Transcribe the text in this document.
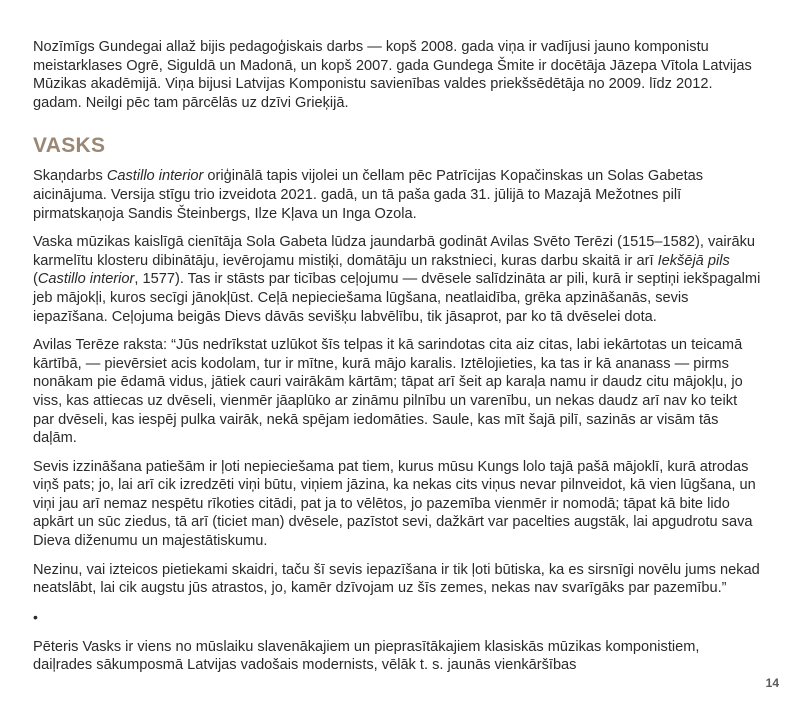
Nozīmīgs Gundegai allaž bijis pedagoģiskais darbs — kopš 2008. gada viņa ir vadījusi jauno komponistu meistarklases Ogrē, Siguldā un Madonā, un kopš 2007. gada Gundega Šmite ir docētāja Jāzepa Vītola Latvijas Mūzikas akadēmijā. Viņa bijusi Latvijas Komponistu savienības valdes priekšsēdētāja no 2009. līdz 2012. gadam. Neilgi pēc tam pārcēlās uz dzīvi Grieķijā.

VASKS

Skaņdarbs Castillo interior oriģinālā tapis vijolei un čellam pēc Patrīcijas Kopačinskas un Solas Gabetas aicinājuma. Versija stīgu trio izveidota 2021. gadā, un tā paša gada 31. jūlijā to Mazajā Mežotnes pilī pirmatskaņoja Sandis Šteinbergs, Ilze Kļava un Inga Ozola.

Vaska mūzikas kaislīgā cienītāja Sola Gabeta lūdza jaundarbā godināt Avilas Svēto Terēzi (1515–1582), vairāku karmelītu klosteru dibinātāju, ievērojamu mistiķi, domātāju un rakstnieci, kuras darbu skaitā ir arī Iekšējā pils (Castillo interior, 1577). Tas ir stāsts par ticības ceļojumu — dvēsele salīdzināta ar pili, kurā ir septiņi iekšpagalmi jeb mājokļi, kuros secīgi jānokļūst. Ceļā nepieciešama lūgšana, neatlaidība, grēka apzināšanās, sevis iepazīšana. Ceļojuma beigās Dievs dāvās sevišķu labvēlību, tik jāsaprot, par ko tā dvēselei dota.

Avilas Terēze raksta: “Jūs nedrīkstat uzlūkot šīs telpas it kā sarindotas cita aiz citas, labi iekārtotas un teicamā kārtībā, — pievērsiet acis kodolam, tur ir mītne, kurā mājo karalis. Iztēlojieties, ka tas ir kā ananass — pirms nonākam pie ēdamā vidus, jātiek cauri vairākām kārtām; tāpat arī šeit ap karaļa namu ir daudz citu mājokļu, jo viss, kas attiecas uz dvēseli, vienmēr jāaplūko ar zināmu pilnību un varenību, un nekas daudz arī nav ko teikt par dvēseli, kas iespēj pulka vairāk, nekā spējam iedomāties. Saule, kas mīt šajā pilī, sazinās ar visām tās daļām.

Sevis izzināšana patiešām ir ļoti nepieciešama pat tiem, kurus mūsu Kungs lolo tajā pašā mājoklī, kurā atrodas viņš pats; jo, lai arī cik izredzēti viņi būtu, viņiem jāzina, ka nekas cits viņus nevar pilnveidot, kā vien lūgšana, un viņi jau arī nemaz nespētu rīkoties citādi, pat ja to vēlētos, jo pazemība vienmēr ir nomodā; tāpat kā bite lido apkārt un sūc ziedus, tā arī (ticiet man) dvēsele, pazīstot sevi, dažkārt var pacelties augstāk, lai apgudrotu sava Dieva diženumu un majestātiskumu.

Nezinu, vai izteicos pietiekami skaidri, taču šī sevis iepazīšana ir tik ļoti būtiska, ka es sirsnīgi novēlu jums nekad neatslābt, lai cik augstu jūs atrastos, jo, kamēr dzīvojam uz šīs zemes, nekas nav svarīgāks par pazemību.”

•

Pēteris Vasks ir viens no mūslaiku slavenākajiem un pieprasītākajiem klasiskās mūzikas komponistiem, daiļrades sākumposmā Latvijas vadošais modernists, vēlāk t. s. jaunās vienkāršības

14
